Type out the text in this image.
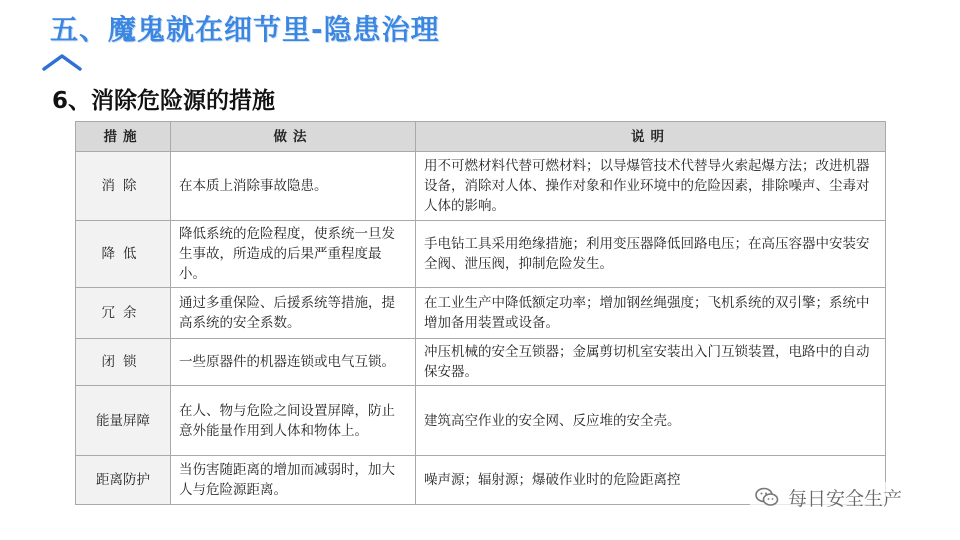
五、魔鬼就在细节里-隐患治理
6、消除危险源的措施
措施	做法	说明
消除	在本质上消除事故隐患。	用不可燃材料代替可燃材料；以导爆管技术代替导火索起爆方法；改进机器设备，消除对人体、操作对象和作业环境中的危险因素，排除噪声、尘毒对人体的影响。
降低	降低系统的危险程度，使系统一旦发生事故，所造成的后果严重程度最小。	手电钻工具采用绝缘措施；利用变压器降低回路电压；在高压容器中安装安全阀、泄压阀，抑制危险发生。
冗余	通过多重保险、后援系统等措施，提高系统的安全系数。	在工业生产中降低额定功率；增加钢丝绳强度；飞机系统的双引擎；系统中增加备用装置或设备。
闭锁	一些原器件的机器连锁或电气互锁。	冲压机械的安全互锁器；金属剪切机室安装出入门互锁装置，电路中的自动保安器。
能量屏障	在人、物与危险之间设置屏障，防止意外能量作用到人体和物体上。	建筑高空作业的安全网、反应堆的安全壳。
距离防护	当伤害随距离的增加而减弱时，加大人与危险源距离。	噪声源；辐射源；爆破作业时的危险距离控
每日安全生产
